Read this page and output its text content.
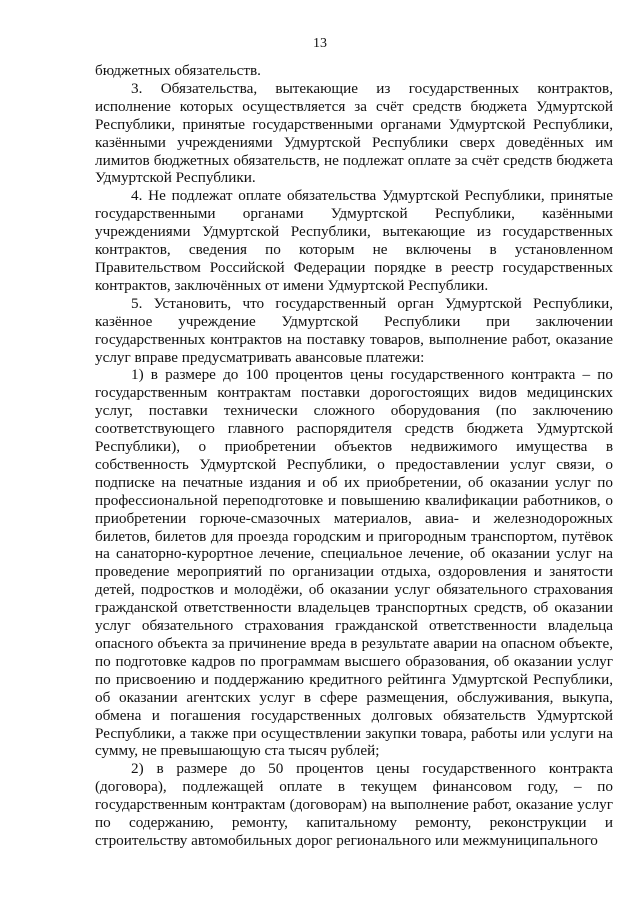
13

бюджетных обязательств.

3. Обязательства, вытекающие из государственных контрактов, исполнение которых осуществляется за счёт средств бюджета Удмуртской Республики, принятые государственными органами Удмуртской Республики, казёнными учреждениями Удмуртской Республики сверх доведённых им лимитов бюджетных обязательств, не подлежат оплате за счёт средств бюджета Удмуртской Республики.

4. Не подлежат оплате обязательства Удмуртской Республики, принятые государственными органами Удмуртской Республики, казёнными учреждениями Удмуртской Республики, вытекающие из государственных контрактов, сведения по которым не включены в установленном Правительством Российской Федерации порядке в реестр государственных контрактов, заключённых от имени Удмуртской Республики.

5. Установить, что государственный орган Удмуртской Республики, казённое учреждение Удмуртской Республики при заключении государственных контрактов на поставку товаров, выполнение работ, оказание услуг вправе предусматривать авансовые платежи:

1) в размере до 100 процентов цены государственного контракта – по государственным контрактам поставки дорогостоящих видов медицинских услуг, поставки технически сложного оборудования (по заключению соответствующего главного распорядителя средств бюджета Удмуртской Республики), о приобретении объектов недвижимого имущества в собственность Удмуртской Республики, о предоставлении услуг связи, о подписке на печатные издания и об их приобретении, об оказании услуг по профессиональной переподготовке и повышению квалификации работников, о приобретении горюче-смазочных материалов, авиа- и железнодорожных билетов, билетов для проезда городским и пригородным транспортом, путёвок на санаторно-курортное лечение, специальное лечение, об оказании услуг на проведение мероприятий по организации отдыха, оздоровления и занятости детей, подростков и молодёжи, об оказании услуг обязательного страхования гражданской ответственности владельцев транспортных средств, об оказании услуг обязательного страхования гражданской ответственности владельца опасного объекта за причинение вреда в результате аварии на опасном объекте, по подготовке кадров по программам высшего образования, об оказании услуг по присвоению и поддержанию кредитного рейтинга Удмуртской Республики, об оказании агентских услуг в сфере размещения, обслуживания, выкупа, обмена и погашения государственных долговых обязательств Удмуртской Республики, а также при осуществлении закупки товара, работы или услуги на сумму, не превышающую ста тысяч рублей;

2) в размере до 50 процентов цены государственного контракта (договора), подлежащей оплате в текущем финансовом году, – по государственным контрактам (договорам) на выполнение работ, оказание услуг по содержанию, ремонту, капитальному ремонту, реконструкции и строительству автомобильных дорог регионального или межмуниципального
